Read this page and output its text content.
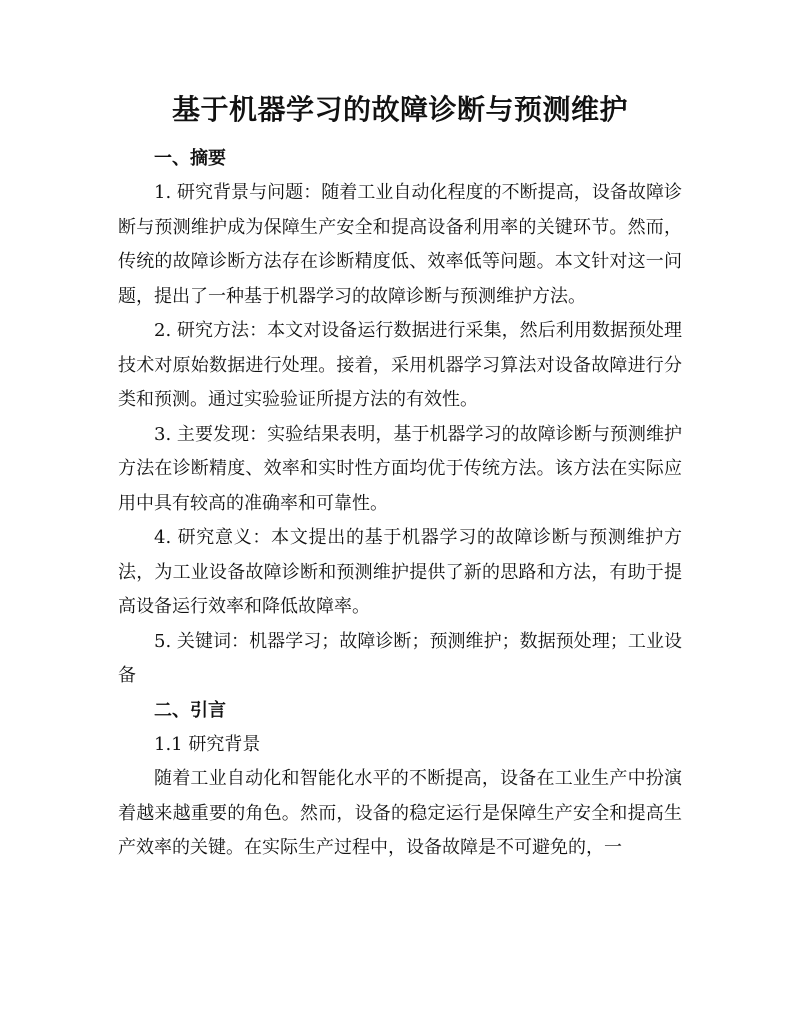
基于机器学习的故障诊断与预测维护
一、摘要

1. 研究背景与问题：随着工业自动化程度的不断提高，设备故障诊断与预测维护成为保障生产安全和提高设备利用率的关键环节。然而，传统的故障诊断方法存在诊断精度低、效率低等问题。本文针对这一问题，提出了一种基于机器学习的故障诊断与预测维护方法。

2. 研究方法：本文对设备运行数据进行采集，然后利用数据预处理技术对原始数据进行处理。接着，采用机器学习算法对设备故障进行分类和预测。通过实验验证所提方法的有效性。

3. 主要发现：实验结果表明，基于机器学习的故障诊断与预测维护方法在诊断精度、效率和实时性方面均优于传统方法。该方法在实际应用中具有较高的准确率和可靠性。

4. 研究意义：本文提出的基于机器学习的故障诊断与预测维护方法，为工业设备故障诊断和预测维护提供了新的思路和方法，有助于提高设备运行效率和降低故障率。

5. 关键词：机器学习；故障诊断；预测维护；数据预处理；工业设备

二、引言
1.1 研究背景

随着工业自动化和智能化水平的不断提高，设备在工业生产中扮演着越来越重要的角色。然而，设备的稳定运行是保障生产安全和提高生产效率的关键。在实际生产过程中，设备故障是不可避免的，一
